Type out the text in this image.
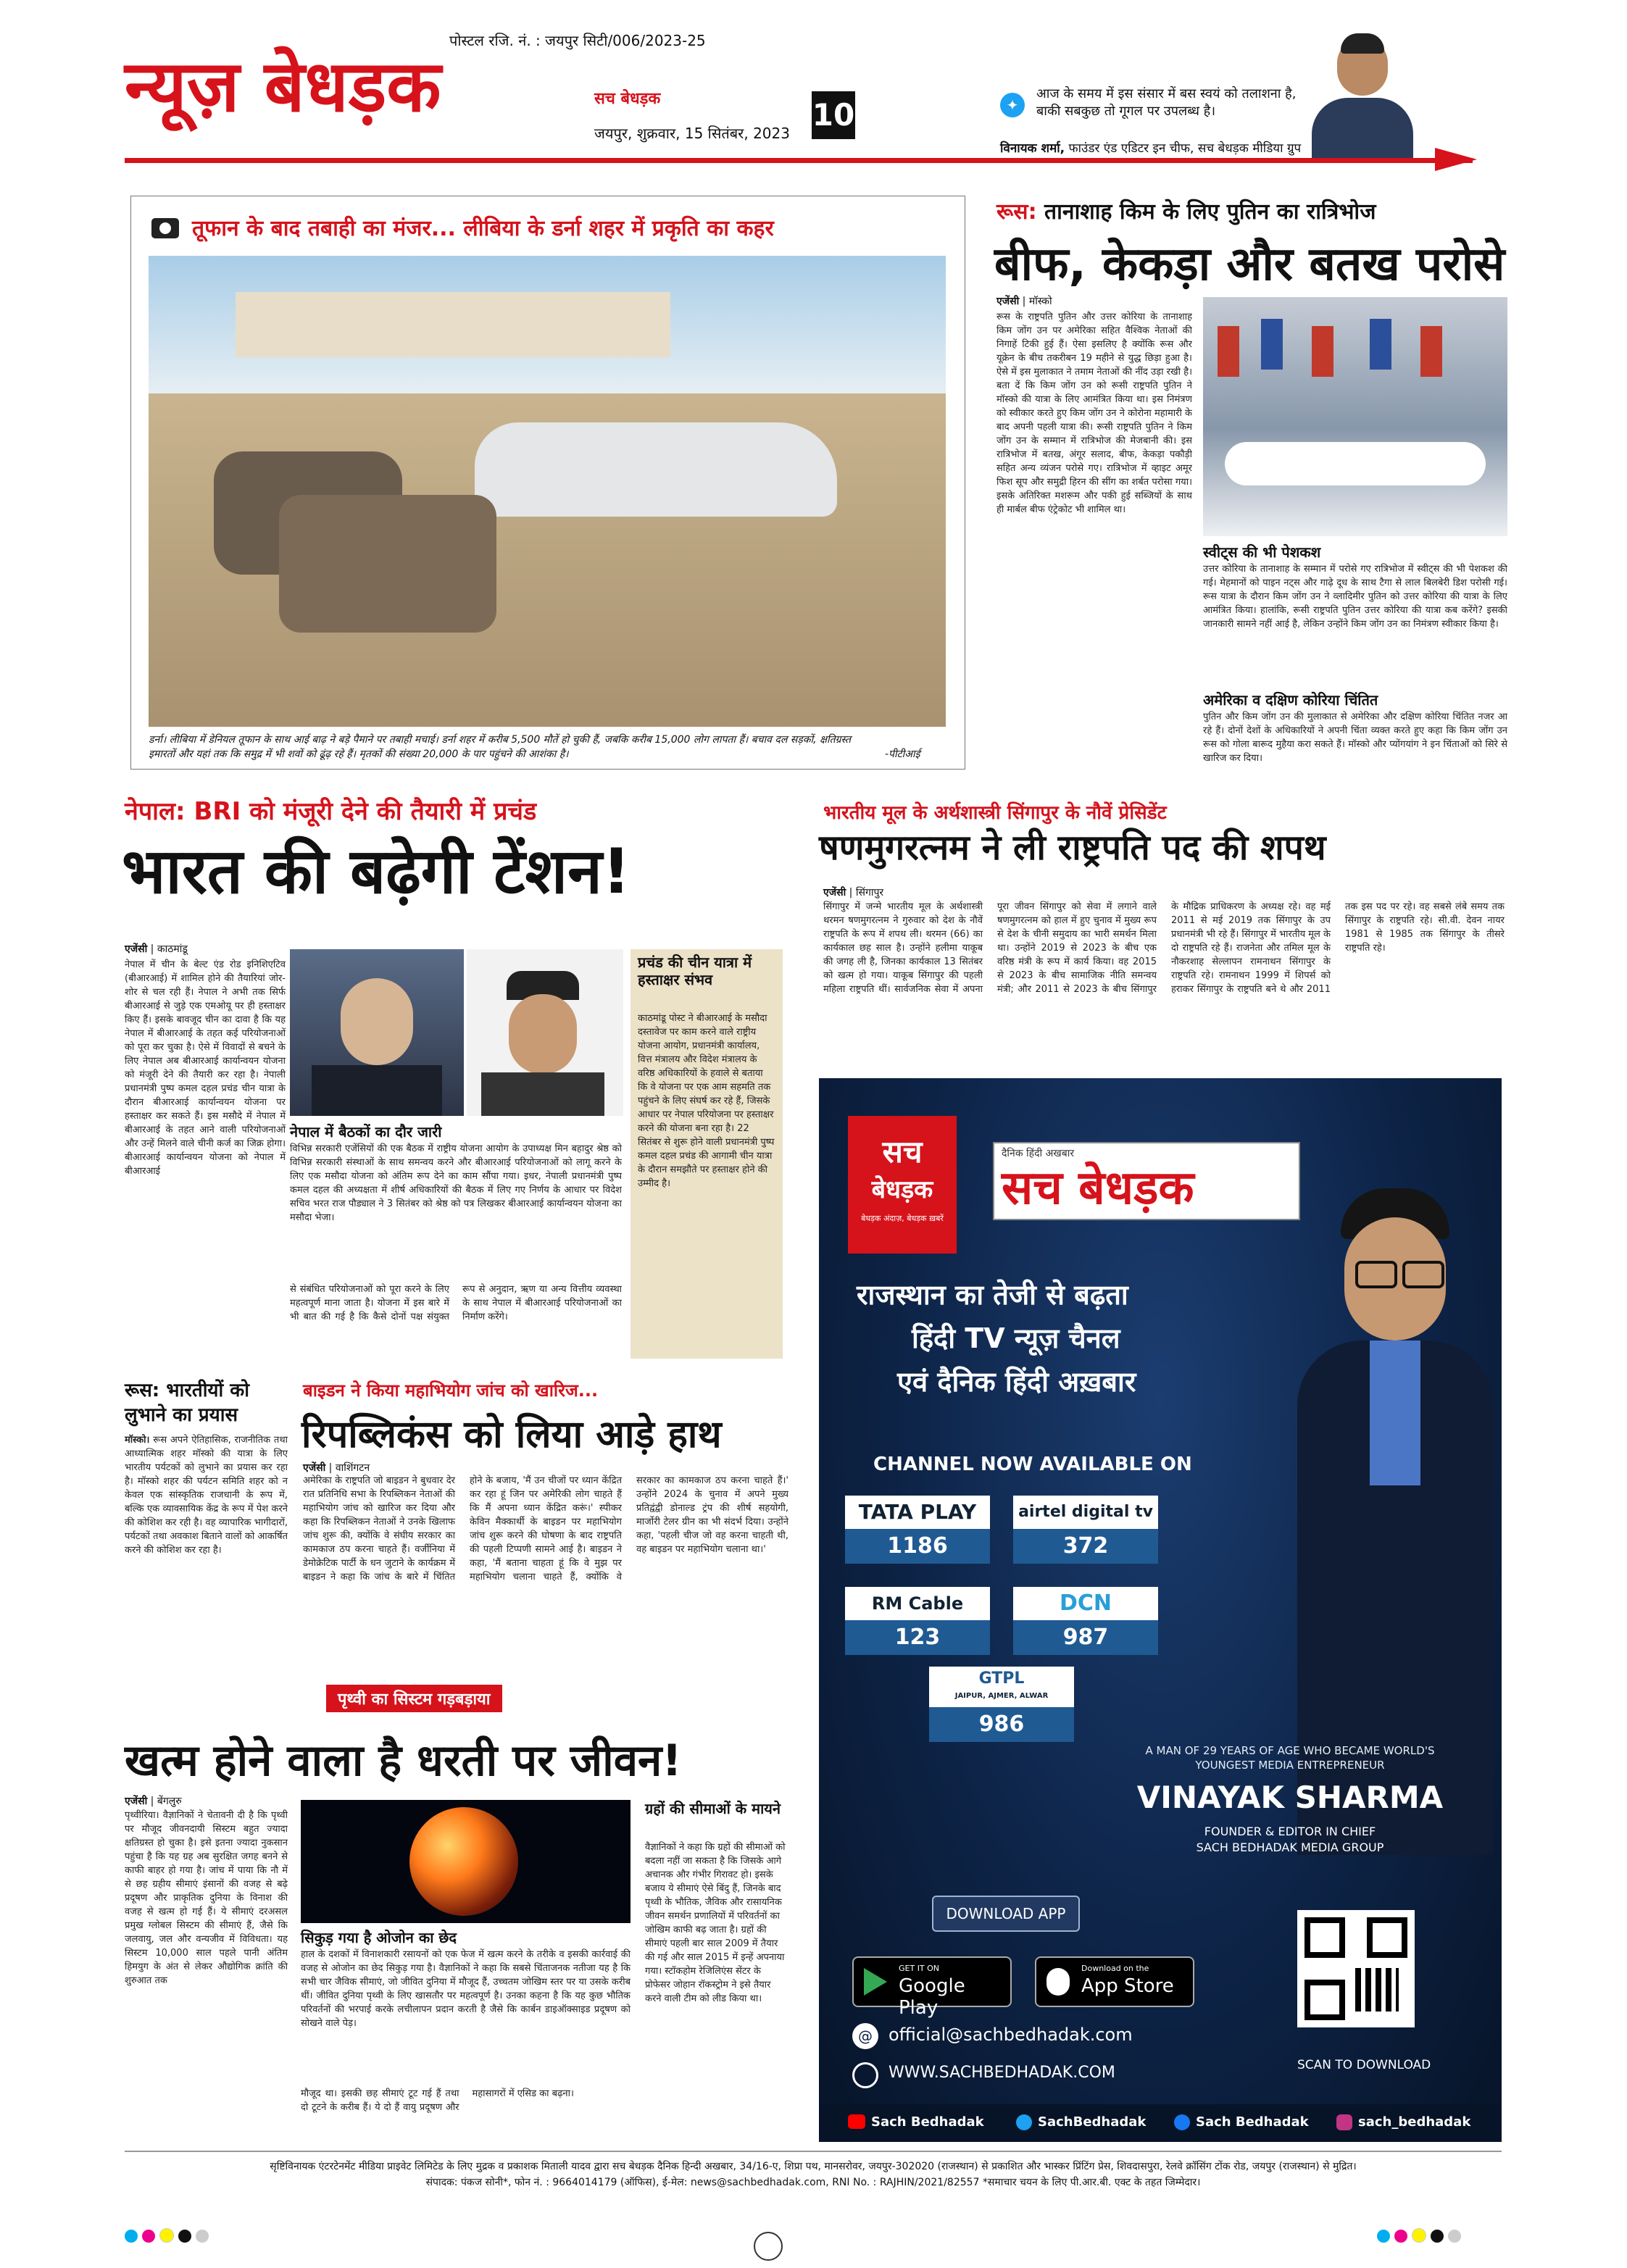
पोस्टल रजि. नं. : जयपुर सिटी/006/2023-25
न्यूज़ बेधड़क	सच बेधड़क
जयपुर, शुक्रवार, 15 सितंबर, 2023
10	✦
आज के समय में इस संसार में बस स्वयं को तलाशना है, बाकी सबकुछ तो गूगल पर उपलब्ध है।
विनायक शर्मा, फाउंडर एंड एडिटर इन चीफ, सच बेधड़क मीडिया ग्रुप
तूफान के बाद तबाही का मंजर... लीबिया के डर्ना शहर में प्रकृति का कहर
डर्ना। लीबिया में डेनियल तूफान के साथ आई बाढ़ ने बड़े पैमाने पर तबाही मचाई। डर्ना शहर में करीब 5,500 मौतें हो चुकी हैं, जबकि करीब 15,000 लोग लापता हैं। बचाव दल सड़कों, क्षतिग्रस्त इमारतों और यहां तक कि समुद्र में भी शवों को ढूंढ़ रहे हैं। मृतकों की संख्या 20,000 के पार पहुंचने की आशंका है।	-पीटीआई
रूस: तानाशाह किम के लिए पुतिन का रात्रिभोज
बीफ, केकड़ा और बतख परोसे
एजेंसी | मॉस्को
रूस के राष्ट्रपति पुतिन और उत्तर कोरिया के तानाशाह किम जोंग उन पर अमेरिका सहित वैश्विक नेताओं की निगाहें टिकी हुई हैं। ऐसा इसलिए है क्योंकि रूस और यूक्रेन के बीच तकरीबन 19 महीने से युद्ध छिड़ा हुआ है। ऐसे में इस मुलाकात ने तमाम नेताओं की नींद उड़ा रखी है। बता दें कि किम जोंग उन को रूसी राष्ट्रपति पुतिन ने मॉस्को की यात्रा के लिए आमंत्रित किया था। इस निमंत्रण को स्वीकार करते हुए किम जोंग उन ने कोरोना महामारी के बाद अपनी पहली यात्रा की। रूसी राष्ट्रपति पुतिन ने किम जोंग उन के सम्मान में रात्रिभोज की मेजबानी की। इस रात्रिभोज में बतख, अंगूर सलाद, बीफ, केकड़ा पकौड़ी सहित अन्य व्यंजन परोसे गए। रात्रिभोज में व्हाइट अमूर फिश सूप और समुद्री हिरन की सींग का शर्बत परोसा गया। इसके अतिरिक्त मशरूम और पकी हुई सब्जियों के साथ ही मार्बल बीफ एंट्रेकोट भी शामिल था।
स्वीट्स की भी पेशकश
उत्तर कोरिया के तानाशाह के सम्मान में परोसे गए रात्रिभोज में स्वीट्स की भी पेशकश की गई। मेहमानों को पाइन नट्स और गाढ़े दूध के साथ टैगा से लाल बिलबेरी डिश परोसी गई। रूस यात्रा के दौरान किम जोंग उन ने व्लादिमीर पुतिन को उत्तर कोरिया की यात्रा के लिए आमंत्रित किया। हालांकि, रूसी राष्ट्रपति पुतिन उत्तर कोरिया की यात्रा कब करेंगे? इसकी जानकारी सामने नहीं आई है, लेकिन उन्होंने किम जोंग उन का निमंत्रण स्वीकार किया है।
अमेरिका व दक्षिण कोरिया चिंतित
पुतिन और किम जोंग उन की मुलाकात से अमेरिका और दक्षिण कोरिया चिंतित नजर आ रहे हैं। दोनों देशों के अधिकारियों ने अपनी चिंता व्यक्त करते हुए कहा कि किम जोंग उन रूस को गोला बारूद मुहैया करा सकते हैं। मॉस्को और प्योंगयांग ने इन चिंताओं को सिरे से खारिज कर दिया।
नेपाल: BRI को मंजूरी देने की तैयारी में प्रचंड
भारत की बढ़ेगी टेंशन!
एजेंसी | काठमांडू
नेपाल में चीन के बेल्ट एंड रोड इनिशिएटिव (बीआरआई) में शामिल होने की तैयारियां जोर-शोर से चल रही हैं। नेपाल ने अभी तक सिर्फ बीआरआई से जुड़े एक एमओयू पर ही हस्ताक्षर किए हैं। इसके बावजूद चीन का दावा है कि यह नेपाल में बीआरआई के तहत कई परियोजनाओं को पूरा कर चुका है। ऐसे में विवादों से बचने के लिए नेपाल अब बीआरआई कार्यान्वयन योजना को मंजूरी देने की तैयारी कर रहा है। नेपाली प्रधानमंत्री पुष्प कमल दहल प्रचंड चीन यात्रा के दौरान बीआरआई कार्यान्वयन योजना पर हस्ताक्षर कर सकते हैं। इस मसौदे में नेपाल में बीआरआई के तहत आने वाली परियोजनाओं और उन्हें मिलने वाले चीनी कर्ज का जिक्र होगा। बीआरआई कार्यान्वयन योजना को नेपाल में बीआरआई
प्रचंड की चीन यात्रा में हस्ताक्षर संभव
काठमांडू पोस्ट ने बीआरआई के मसौदा दस्तावेज पर काम करने वाले राष्ट्रीय योजना आयोग, प्रधानमंत्री कार्यालय, वित्त मंत्रालय और विदेश मंत्रालय के वरिष्ठ अधिकारियों के हवाले से बताया कि वे योजना पर एक आम सहमति तक पहुंचने के लिए संघर्ष कर रहे हैं, जिसके आधार पर नेपाल परियोजना पर हस्ताक्षर करने की योजना बना रहा है। 22 सितंबर से शुरू होने वाली प्रधानमंत्री पुष्प कमल दहल प्रचंड की आगामी चीन यात्रा के दौरान समझौते पर हस्ताक्षर होने की उम्मीद है।
नेपाल में बैठकों का दौर जारी
विभिन्न सरकारी एजेंसियों की एक बैठक में राष्ट्रीय योजना आयोग के उपाध्यक्ष मिन बहादुर श्रेष्ठ को विभिन्न सरकारी संस्थाओं के साथ समन्वय करने और बीआरआई परियोजनाओं को लागू करने के लिए एक मसौदा योजना को अंतिम रूप देने का काम सौंपा गया। इधर, नेपाली प्रधानमंत्री पुष्प कमल दहल की अध्यक्षता में शीर्ष अधिकारियों की बैठक में लिए गए निर्णय के आधार पर विदेश सचिव भरत राज पौड्याल ने 3 सितंबर को श्रेष्ठ को पत्र लिखकर बीआरआई कार्यान्वयन योजना का मसौदा भेजा।
से संबंधित परियोजनाओं को पूरा करने के लिए महत्वपूर्ण माना जाता है। योजना में इस बारे में भी बात की गई है कि कैसे दोनों पक्ष संयुक्त रूप से अनुदान, ऋण या अन्य वित्तीय व्यवस्था के साथ नेपाल में बीआरआई परियोजनाओं का निर्माण करेंगे।
भारतीय मूल के अर्थशास्त्री सिंगापुर के नौवें प्रेसिडेंट
षणमुगरत्नम ने ली राष्ट्रपति पद की शपथ
एजेंसी | सिंगापुर
सिंगापुर में जन्मे भारतीय मूल के अर्थशास्त्री थरमन षणमुगरत्नम ने गुरुवार को देश के नौवें राष्ट्रपति के रूप में शपथ ली। थरमन (66) का कार्यकाल छह साल है। उन्होंने हलीमा याकूब की जगह ली है, जिनका कार्यकाल 13 सितंबर को खत्म हो गया। याकूब सिंगापुर की पहली महिला राष्ट्रपति थीं। सार्वजनिक सेवा में अपना पूरा जीवन सिंगापुर को सेवा में लगाने वाले षणमुगरत्नम को हाल में हुए चुनाव में मुख्य रूप से देश के चीनी समुदाय का भारी समर्थन मिला था। उन्होंने 2019 से 2023 के बीच एक वरिष्ठ मंत्री के रूप में कार्य किया। वह 2015 से 2023 के बीच सामाजिक नीति समन्वय मंत्री; और 2011 से 2023 के बीच सिंगापुर के मौद्रिक प्राधिकरण के अध्यक्ष रहे। वह मई 2011 से मई 2019 तक सिंगापुर के उप प्रधानमंत्री भी रहे हैं। सिंगापुर में भारतीय मूल के दो राष्ट्रपति रहे हैं। राजनेता और तमिल मूल के नौकरशाह सेल्लापन रामनाथन सिंगापुर के राष्ट्रपति रहे। रामनाथन 1999 में शिपर्स को हराकर सिंगापुर के राष्ट्रपति बने थे और 2011 तक इस पद पर रहे। वह सबसे लंबे समय तक सिंगापुर के राष्ट्रपति रहे। सी.वी. देवन नायर 1981 से 1985 तक सिंगापुर के तीसरे राष्ट्रपति रहे।
सच
बेधड़क
बेधड़क अंदाज़, बेधड़क ख़बरें
दैनिक हिंदी अखबार
सच बेधड़क
राजस्थान का तेजी से बढ़ता
हिंदी TV न्यूज़ चैनल
एवं दैनिक हिंदी अख़बार
CHANNEL NOW AVAILABLE ON
TATA PLAY
1186
airtel digital tv
372
RM Cable
123
DCN
987
GTPL
JAIPUR, AJMER, ALWAR
986
A MAN OF 29 YEARS OF AGE WHO BECAME WORLD'S YOUNGEST MEDIA ENTREPRENEUR
VINAYAK SHARMA
FOUNDER & EDITOR IN CHIEF
SACH BEDHADAK MEDIA GROUP
DOWNLOAD APP
GET IT ON
Google Play
Download on the
App Store
@ official@sachbedhadak.com
WWW.SACHBEDHADAK.COM	SCAN TO DOWNLOAD
Sach Bedhadak	SachBedhadak	Sach Bedhadak	sach_bedhadak
रूस: भारतीयों को लुभाने का प्रयास
मॉस्को। रूस अपने ऐतिहासिक, राजनीतिक तथा आध्यात्मिक शहर मॉस्को की यात्रा के लिए भारतीय पर्यटकों को लुभाने का प्रयास कर रहा है। मॉस्को शहर की पर्यटन समिति शहर को न केवल एक सांस्कृतिक राजधानी के रूप में, बल्कि एक व्यावसायिक केंद्र के रूप में पेश करने की कोशिश कर रही है। वह व्यापारिक भागीदारों, पर्यटकों तथा अवकाश बिताने वालों को आकर्षित करने की कोशिश कर रहा है।
बाइडन ने किया महाभियोग जांच को खारिज...
रिपब्लिकंस को लिया आड़े हाथ
एजेंसी | वाशिंगटन
अमेरिका के राष्ट्रपति जो बाइडन ने बुधवार देर रात प्रतिनिधि सभा के रिपब्लिकन नेताओं की महाभियोग जांच को खारिज कर दिया और कहा कि रिपब्लिकन नेताओं ने उनके खिलाफ जांच शुरू की, क्योंकि वे संघीय सरकार का कामकाज ठप करना चाहते हैं। वर्जीनिया में डेमोक्रेटिक पार्टी के धन जुटाने के कार्यक्रम में बाइडन ने कहा कि जांच के बारे में चिंतित होने के बजाय, 'मैं उन चीजों पर ध्यान केंद्रित कर रहा हूं जिन पर अमेरिकी लोग चाहते हैं कि मैं अपना ध्यान केंद्रित करूं।' स्पीकर केविन मैक्कार्थी के बाइडन पर महाभियोग जांच शुरू करने की घोषणा के बाद राष्ट्रपति की पहली टिप्पणी सामने आई है। बाइडन ने कहा, 'मैं बताना चाहता हूं कि वे मुझ पर महाभियोग चलाना चाहते हैं, क्योंकि वे सरकार का कामकाज ठप करना चाहते हैं।' उन्होंने 2024 के चुनाव में अपने मुख्य प्रतिद्वंद्वी डोनाल्ड ट्रंप की शीर्ष सहयोगी, मार्जोरी टेलर ग्रीन का भी संदर्भ दिया। उन्होंने कहा, 'पहली चीज जो वह करना चाहती थी, वह बाइडन पर महाभियोग चलाना था।'
पृथ्वी का सिस्टम गड़बड़ाया
खत्म होने वाला है धरती पर जीवन!
एजेंसी | बेंगलुरु
पृथ्वीरिया। वैज्ञानिकों ने चेतावनी दी है कि पृथ्वी पर मौजूद जीवनदायी सिस्टम बहुत ज्यादा क्षतिग्रस्त हो चुका है। इसे इतना ज्यादा नुकसान पहुंचा है कि यह ग्रह अब सुरक्षित जगह बनने से काफी बाहर हो गया है। जांच में पाया कि नौ में से छह ग्रहीय सीमाएं इंसानों की वजह से बढ़े प्रदूषण और प्राकृतिक दुनिया के विनाश की वजह से खत्म हो गई हैं। ये सीमाएं दरअसल प्रमुख ग्लोबल सिस्टम की सीमाएं हैं, जैसे कि जलवायु, जल और वन्यजीव में विविधता। यह सिस्टम 10,000 साल पहले पानी अंतिम हिमयुग के अंत से लेकर औद्योगिक क्रांति की शुरुआत तक
सिकुड़ गया है ओजोन का छेद
हाल के दशकों में विनाशकारी रसायनों को एक फेज में खत्म करने के तरीके व इसकी कार्रवाई की वजह से ओजोन का छेद सिकुड़ गया है। वैज्ञानिकों ने कहा कि सबसे चिंताजनक नतीजा यह है कि सभी चार जैविक सीमाएं, जो जीवित दुनिया में मौजूद हैं, उच्चतम जोखिम स्तर पर या उसके करीब थीं। जीवित दुनिया पृथ्वी के लिए खासतौर पर महत्वपूर्ण है। उनका कहना है कि यह कुछ भौतिक परिवर्तनों की भरपाई करके लचीलापन प्रदान करती है जैसे कि कार्बन डाइऑक्साइड प्रदूषण को सोखने वाले पेड़।
मौजूद था। इसकी छह सीमाएं टूट गई हैं तथा दो टूटने के करीब हैं। ये दो हैं वायु प्रदूषण और महासागरों में एसिड का बढ़ना।
ग्रहों की सीमाओं के मायने
वैज्ञानिकों ने कहा कि ग्रहों की सीमाओं को बदला नहीं जा सकता है कि जिसके आगे अचानक और गंभीर गिरावट हो। इसके बजाय ये सीमाएं ऐसे बिंदु हैं, जिनके बाद पृथ्वी के भौतिक, जैविक और रासायनिक जीवन समर्थन प्रणालियों में परिवर्तनों का जोखिम काफी बढ़ जाता है। ग्रहों की सीमाएं पहली बार साल 2009 में तैयार की गई और साल 2015 में इन्हें अपनाया गया। स्टॉकहोम रेजिलिएंस सेंटर के प्रोफेसर जोहान रॉकस्ट्रोम ने इसे तैयार करने वाली टीम को लीड किया था।
सृष्टिविनायक एंटरटेनमेंट मीडिया प्राइवेट लिमिटेड के लिए मुद्रक व प्रकाशक मिताली यादव द्वारा सच बेधड़क दैनिक हिन्दी अखबार, 34/16-ए, शिप्रा पथ, मानसरोवर, जयपुर-302020 (राजस्थान) से प्रकाशित और भास्कर प्रिंटिंग प्रेस, शिवदासपुरा, रेलवे क्रॉसिंग टोंक रोड, जयपुर (राजस्थान) से मुद्रित।
संपादक: पंकज सोनी*, फोन नं. : 9664014179 (ऑफिस), ई-मेल: news@sachbedhadak.com, RNI No. : RAJHIN/2021/82557 *समाचार चयन के लिए पी.आर.बी. एक्ट के तहत जिम्मेदार।
